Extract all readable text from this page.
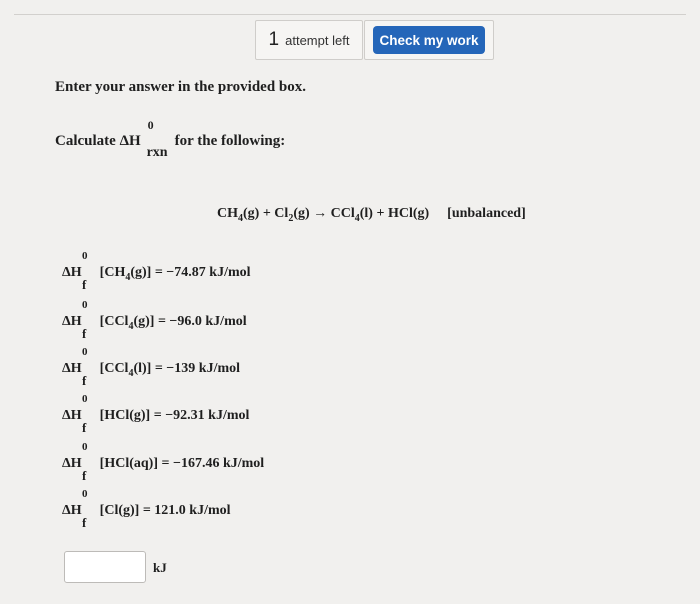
1 attempt left	Check my work
Enter your answer in the provided box.
Calculate ΔH
0
rxn
for the following:
$CH_4(g) + Cl_2(g) \to CCl_4(l) + HCl(g)$ [unbalanced]
ΔH
0
f
$[CH_4(g)] = -74.87$ kJ/mol
ΔH
0
f
[CCl$_4$(g)] = −96.0 kJ/mol
ΔH
0
f
[CCl$_4$(l)] = −139 kJ/mol
ΔH
0
f
[HCl(g)] = −92.31 kJ/mol
ΔH
0
f
[HCl(aq)] = −167.46 kJ/mol
ΔH
0
f
[Cl(g)] = 121.0 kJ/mol
kJ
